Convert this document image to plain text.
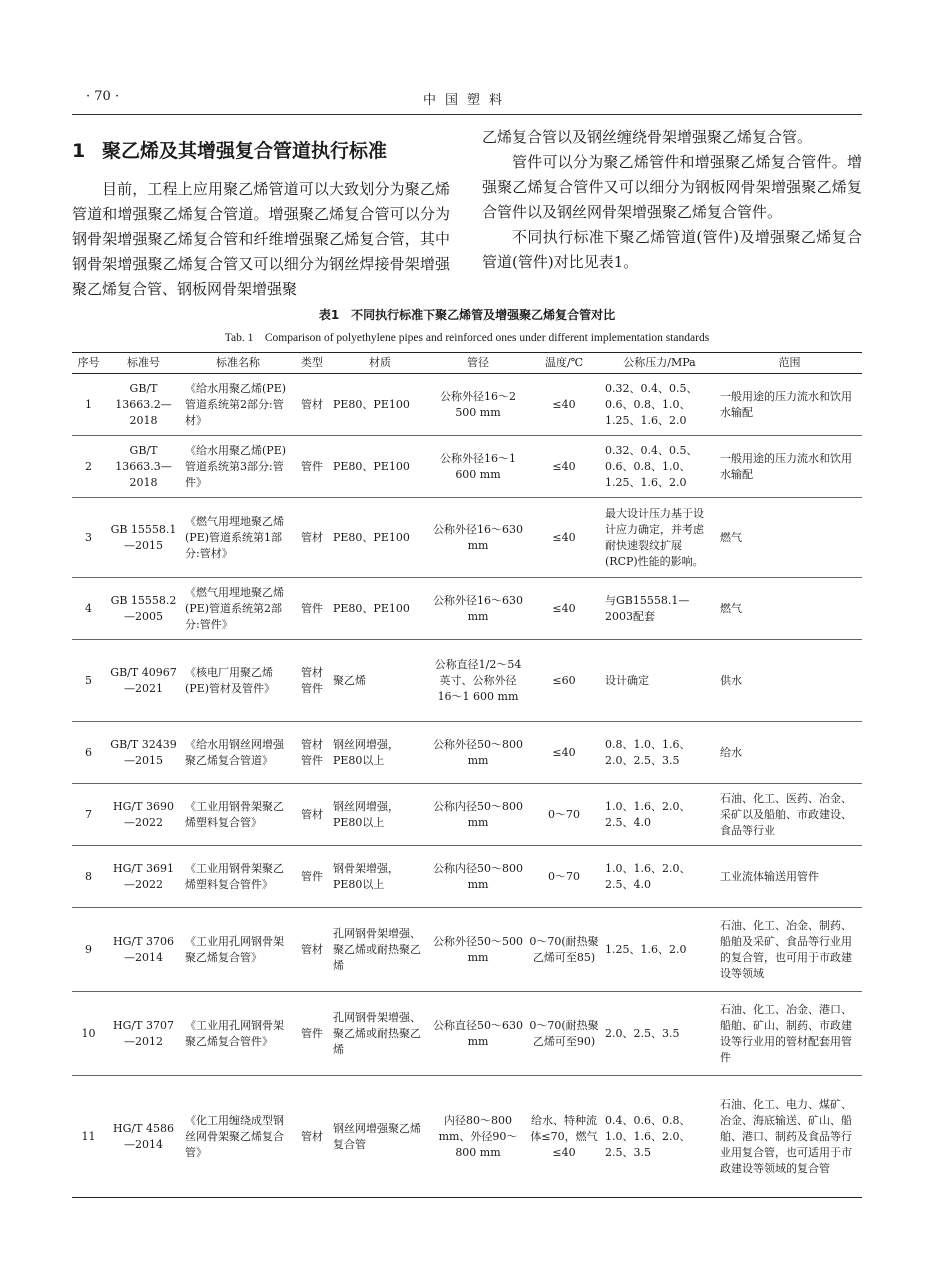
· 70 ·	中国塑料
1 聚乙烯及其增强复合管道执行标准

目前，工程上应用聚乙烯管道可以大致划分为聚乙烯管道和增强聚乙烯复合管道。增强聚乙烯复合管可以分为钢骨架增强聚乙烯复合管和纤维增强聚乙烯复合管，其中钢骨架增强聚乙烯复合管又可以细分为钢丝焊接骨架增强聚乙烯复合管、钢板网骨架增强聚

乙烯复合管以及钢丝缠绕骨架增强聚乙烯复合管。

管件可以分为聚乙烯管件和增强聚乙烯复合管件。增强聚乙烯复合管件又可以细分为钢板网骨架增强聚乙烯复合管件以及钢丝网骨架增强聚乙烯复合管件。

不同执行标准下聚乙烯管道(管件)及增强聚乙烯复合管道(管件)对比见表1。

表1　不同执行标准下聚乙烯管及增强聚乙烯复合管对比
Tab. 1　Comparison of polyethylene pipes and reinforced ones under different implementation standards
序号	标准号	标准名称	类型	材质	管径	温度/℃	公称压力/MPa	范围
1	GB/T 13663.2—2018	《给水用聚乙烯(PE)管道系统第2部分:管材》	管材	PE80、PE100	公称外径16～2 500 mm	≤40	0.32、0.4、0.5、0.6、0.8、1.0、1.25、1.6、2.0	一般用途的压力流水和饮用水输配
2	GB/T 13663.3—2018	《给水用聚乙烯(PE)管道系统第3部分:管件》	管件	PE80、PE100	公称外径16～1 600 mm	≤40	0.32、0.4、0.5、0.6、0.8、1.0、1.25、1.6、2.0	一般用途的压力流水和饮用水输配
3	GB 15558.1—2015	《燃气用埋地聚乙烯(PE)管道系统第1部分:管材》	管材	PE80、PE100	公称外径16～630 mm	≤40	最大设计压力基于设计应力确定，并考虑耐快速裂纹扩展(RCP)性能的影响。	燃气
4	GB 15558.2—2005	《燃气用埋地聚乙烯(PE)管道系统第2部分:管件》	管件	PE80、PE100	公称外径16～630 mm	≤40	与GB15558.1—2003配套	燃气
5	GB/T 40967—2021	《核电厂用聚乙烯(PE)管材及管件》	管材 管件	聚乙烯	公称直径1/2～54英寸、公称外径16～1 600 mm	≤60	设计确定	供水
6	GB/T 32439—2015	《给水用钢丝网增强聚乙烯复合管道》	管材 管件	钢丝网增强，PE80以上	公称外径50～800 mm	≤40	0.8、1.0、1.6、2.0、2.5、3.5	给水
7	HG/T 3690—2022	《工业用钢骨架聚乙烯塑料复合管》	管材	钢丝网增强，PE80以上	公称内径50～800 mm	0～70	1.0、1.6、2.0、2.5、4.0	石油、化工、医药、冶金、采矿以及船舶、市政建设、食品等行业
8	HG/T 3691—2022	《工业用钢骨架聚乙烯塑料复合管件》	管件	钢骨架增强，PE80以上	公称内径50～800 mm	0～70	1.0、1.6、2.0、2.5、4.0	工业流体输送用管件
9	HG/T 3706—2014	《工业用孔网钢骨架聚乙烯复合管》	管材	孔网钢骨架增强、聚乙烯或耐热聚乙烯	公称外径50～500 mm	0～70(耐热聚乙烯可至85)	1.25、1.6、2.0	石油、化工、冶金、制药、船舶及采矿、食品等行业用的复合管，也可用于市政建设等领域
10	HG/T 3707—2012	《工业用孔网钢骨架聚乙烯复合管件》	管件	孔网钢骨架增强、聚乙烯或耐热聚乙烯	公称直径50～630 mm	0～70(耐热聚乙烯可至90)	2.0、2.5、3.5	石油、化工、冶金、港口、船舶、矿山、制药、市政建设等行业用的管材配套用管件
11	HG/T 4586—2014	《化工用缠绕成型钢丝网骨架聚乙烯复合管》	管材	钢丝网增强聚乙烯复合管	内径80～800 mm、外径90～800 mm	给水、特种流体≤70，燃气≤40	0.4、0.6、0.8、1.0、1.6、2.0、2.5、3.5	石油、化工、电力、煤矿、冶金、海底输送、矿山、船舶、港口、制药及食品等行业用复合管，也可适用于市政建设等领域的复合管
